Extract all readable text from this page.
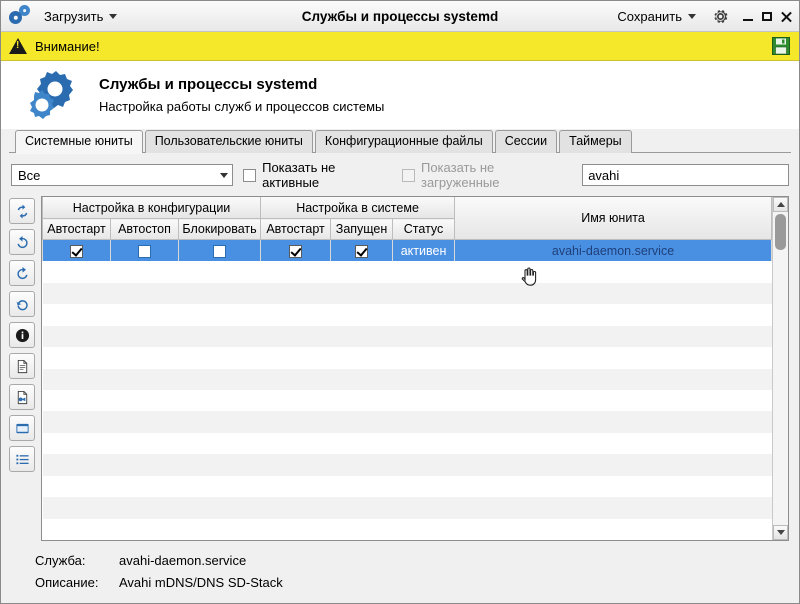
Загрузить	Службы и процессы systemd	Сохранить
!
Внимание!
Службы и процессы systemd
Настройка работы служб и процессов системы
Системные юниты	Пользовательские юниты	Конфигурационные файлы	Сессии	Таймеры
Все	Показать не активные
Показать не загруженные	avahi
Настройка в конфигурации			Настройка в системе			Имя юнита
Автостарт	Автостоп	Блокировать	Автостарт	Запущен	Статус	
					активен	avahi-daemon.service

Служба:	avahi-daemon.service
Описание:	Avahi mDNS/DNS SD-Stack
